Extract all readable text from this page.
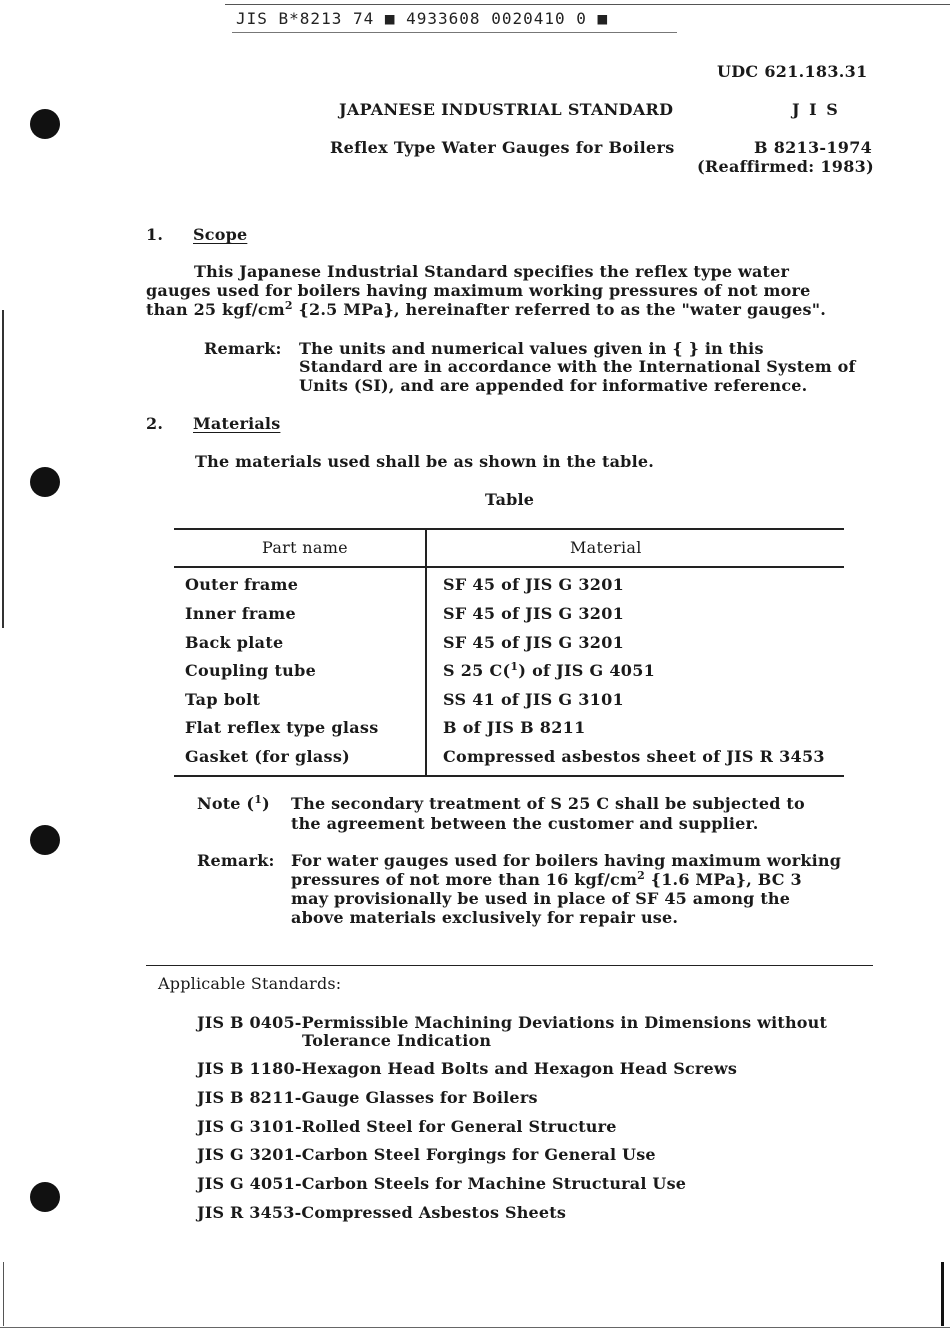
JIS B*8213 74 ■ 4933608 0020410 0 ■
UDC 621.183.31
JAPANESE INDUSTRIAL STANDARD	J I S
Reflex Type Water Gauges for Boilers	B 8213-1974
(Reaffirmed: 1983)
1. Scope
This Japanese Industrial Standard specifies the reflex type water
gauges used for boilers having maximum working pressures of not more
than 25 kgf/$cm^2$ {2.5 MPa}, hereinafter referred to as the "water gauges".
Remark: The units and numerical values given in { } in this
Standard are in accordance with the International System of
Units (SI), and are appended for informative reference.
2. Materials
The materials used shall be as shown in the table.
Table
Part name	Material
Outer frame	SF 45 of JIS G 3201
Inner frame	SF 45 of JIS G 3201
Back plate	SF 45 of JIS G 3201
Coupling tube	S 25 C($^1$) of JIS G 4051
Tap bolt	SS 41 of JIS G 3101
Flat reflex type glass	B of JIS B 8211
Gasket (for glass)	Compressed asbestos sheet of JIS R 3453
Note ($^1$) The secondary treatment of S 25 C shall be subjected to
the agreement between the customer and supplier.
Remark: For water gauges used for boilers having maximum working
pressures of not more than 16 kgf/$cm^2$ {1.6 MPa}, BC 3
may provisionally be used in place of SF 45 among the
above materials exclusively for repair use.
Applicable Standards:
JIS B 0405-Permissible Machining Deviations in Dimensions without
Tolerance Indication
JIS B 1180-Hexagon Head Bolts and Hexagon Head Screws
JIS B 8211-Gauge Glasses for Boilers
JIS G 3101-Rolled Steel for General Structure
JIS G 3201-Carbon Steel Forgings for General Use
JIS G 4051-Carbon Steels for Machine Structural Use
JIS R 3453-Compressed Asbestos Sheets
